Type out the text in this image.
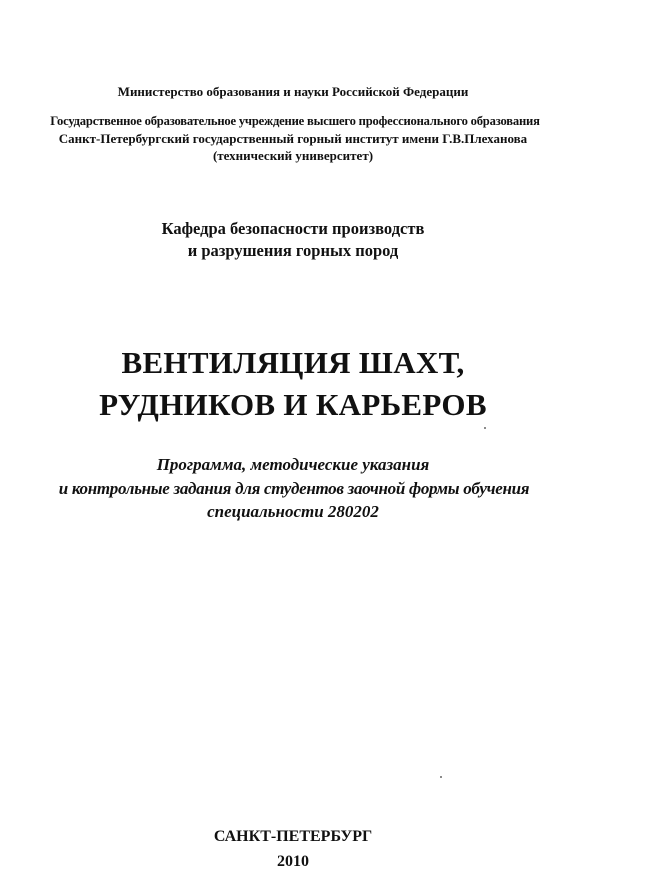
Министерство образования и науки Российской Федерации
Государственное образовательное учреждение высшего профессионального образования
Санкт-Петербургский государственный горный институт имени Г.В.Плеханова
(технический университет)
Кафедра безопасности производств
и разрушения горных пород
ВЕНТИЛЯЦИЯ ШАХТ,
РУДНИКОВ И КАРЬЕРОВ
Программа, методические указания
и контрольные задания для студентов заочной формы обучения
специальности 280202
САНКТ-ПЕТЕРБУРГ
2010
